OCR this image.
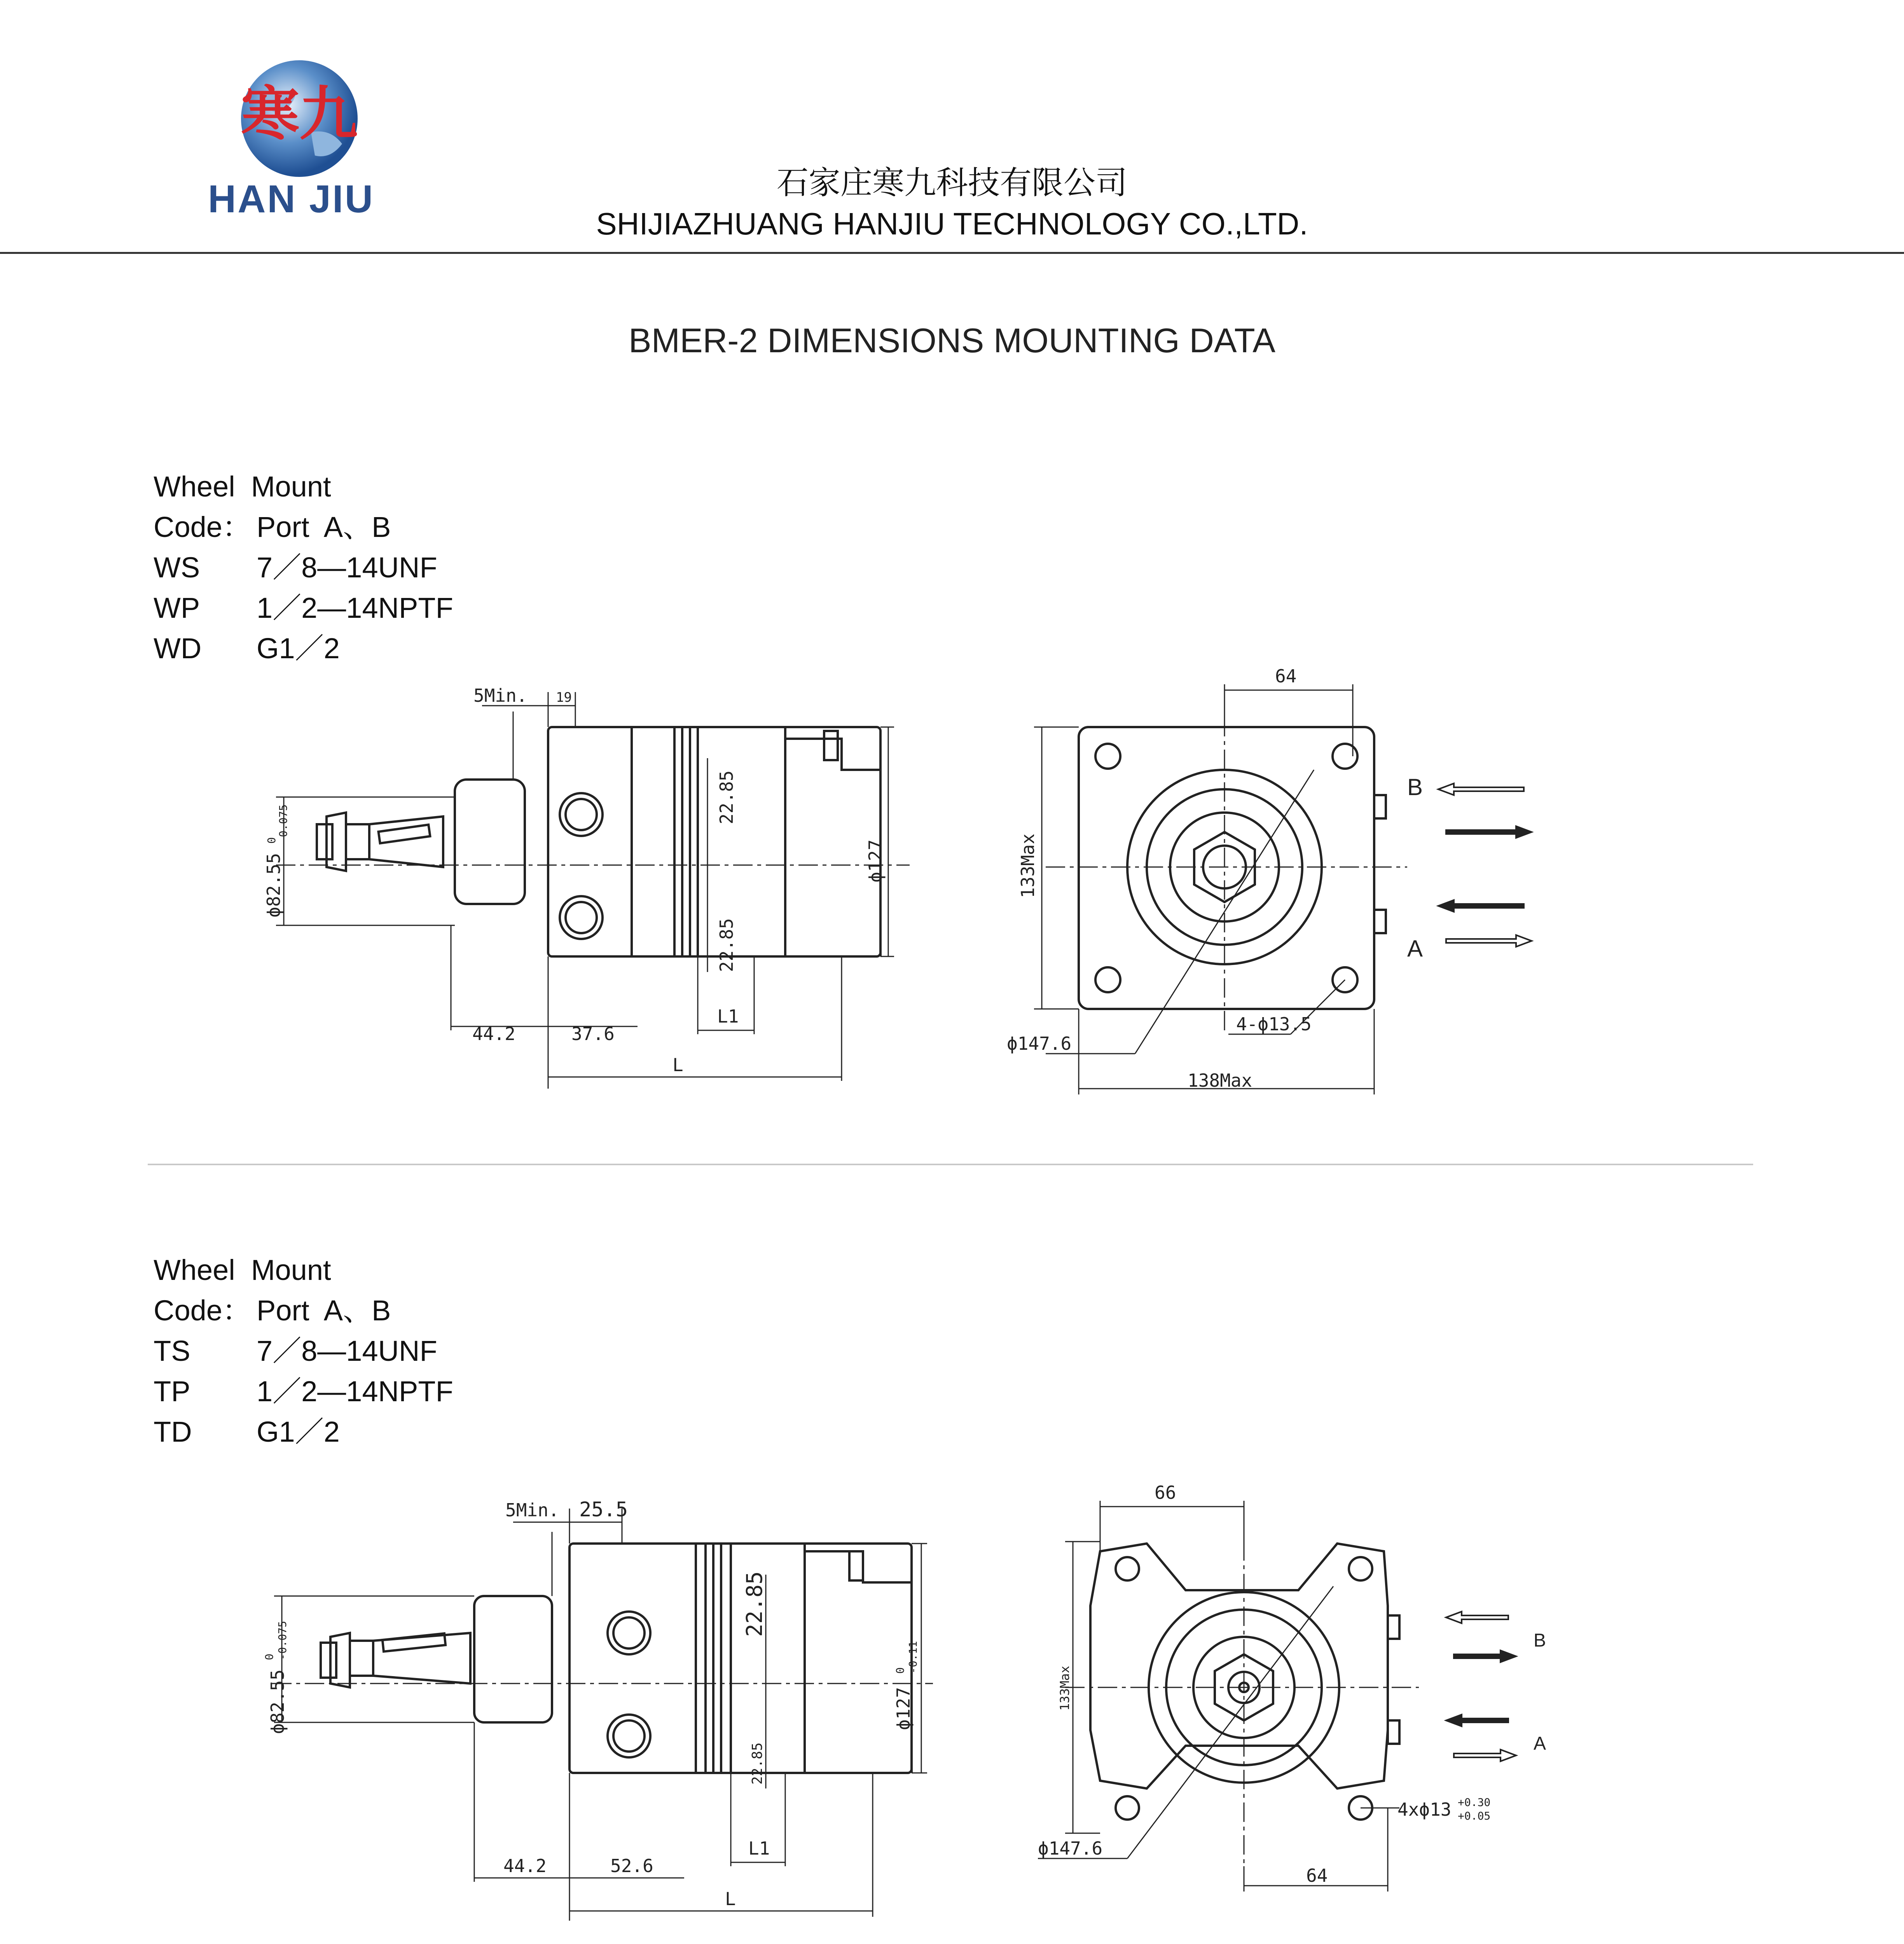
寒九
HAN JIU	石家庄寒九科技有限公司
SHIJIAZHUANG HANJIU TECHNOLOGY CO.,LTD.
BMER-2 DIMENSIONS MOUNTING DATA
Wheel  Mount
Code： Port  A、B
WS 7／8—14UNF
WP 1／2—14NPTF
WD G1／2
5Min. 19
22.85
22.85
ϕ82.55
0
-0.075
ϕ127
44.2	37.6
L1
L
64
133Max
ϕ147.6
138Max
4-ϕ13.5
B
A
Wheel  Mount
Code： Port  A、B
TS 7／8—14UNF
TP 1／2—14NPTF
TD G1／2
5Min. 25.5
22.85
22.85
ϕ82.55
0 -0.075
ϕ127
0 -0.11
44.2	52.6
L1
L
66
133Max
ϕ147.6
64
4xϕ13 +0.30
+0.05
B
A
